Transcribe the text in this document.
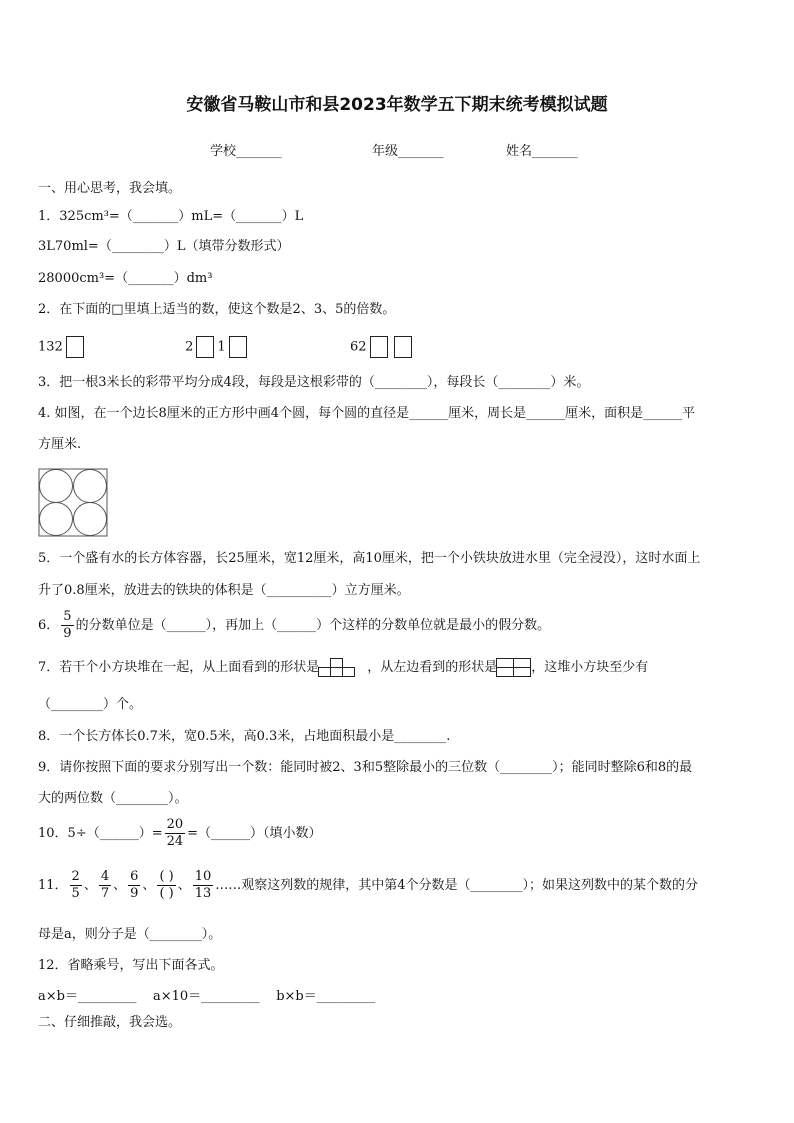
安徽省马鞍山市和县2023年数学五下期末统考模拟试题
学校_______	年级_______	姓名_______
一、用心思考，我会填。
1．325cm³=（_______）mL=（_______）L
3L70ml=（________）L（填带分数形式）
28000cm³=（_______）dm³
2．在下面的□里填上适当的数，使这个数是2、3、5的倍数。
132	2 1	62
3．把一根3米长的彩带平均分成4段，每段是这根彩带的（________），每段长（________）米。
4. 如图，在一个边长8厘米的正方形中画4个圆，每个圆的直径是______厘米，周长是______厘米，面积是______平
方厘米.
5．一个盛有水的长方体容器，长25厘米，宽12厘米，高10厘米，把一个小铁块放进水里（完全浸没），这时水面上
升了0.8厘米，放进去的铁块的体积是（__________）立方厘米。
6． $\frac{5}{9}$ 的分数单位是（______），再加上（______）个这样的分数单位就是最小的假分数。
7．若干个小方块堆在一起，从上面看到的形状是	，从左边看到的形状是	，这堆小方块至少有
（________）个。
8．一个长方体长0.7米，宽0.5米，高0.3米，占地面积最小是________.
9．请你按照下面的要求分别写出一个数：能同时被2、3和5整除最小的三位数（________）；能同时整除6和8的最
大的两位数（________）。
10．5÷（______）= $\frac{20}{24}$ =（______）（填小数）
11． $\frac{2}{5}$ 、 $\frac{4}{7}$ 、 $\frac{6}{9}$ 、 $\frac{( )}{( )}$ 、 $\frac{10}{13}$ ……观察这列数的规律，其中第4个分数是（________）；如果这列数中的某个数的分
母是a，则分子是（________）。
12．省略乘号，写出下面各式。
a×b＝_________    a×10＝_________    b×b＝_________
二、仔细推敲，我会选。
